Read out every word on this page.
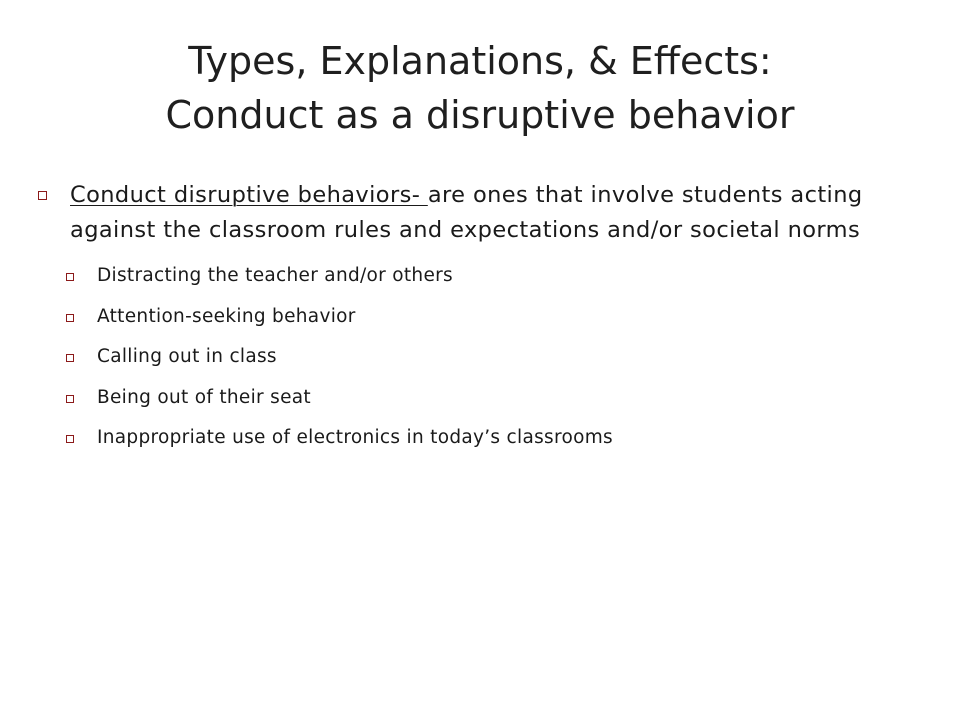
Types, Explanations, & Effects:
Conduct as a disruptive behavior
Conduct disruptive behaviors- are ones that involve students acting against the classroom rules and expectations and/or societal norms
Distracting the teacher and/or others
Attention-seeking behavior
Calling out in class
Being out of their seat
Inappropriate use of electronics in today’s classrooms
